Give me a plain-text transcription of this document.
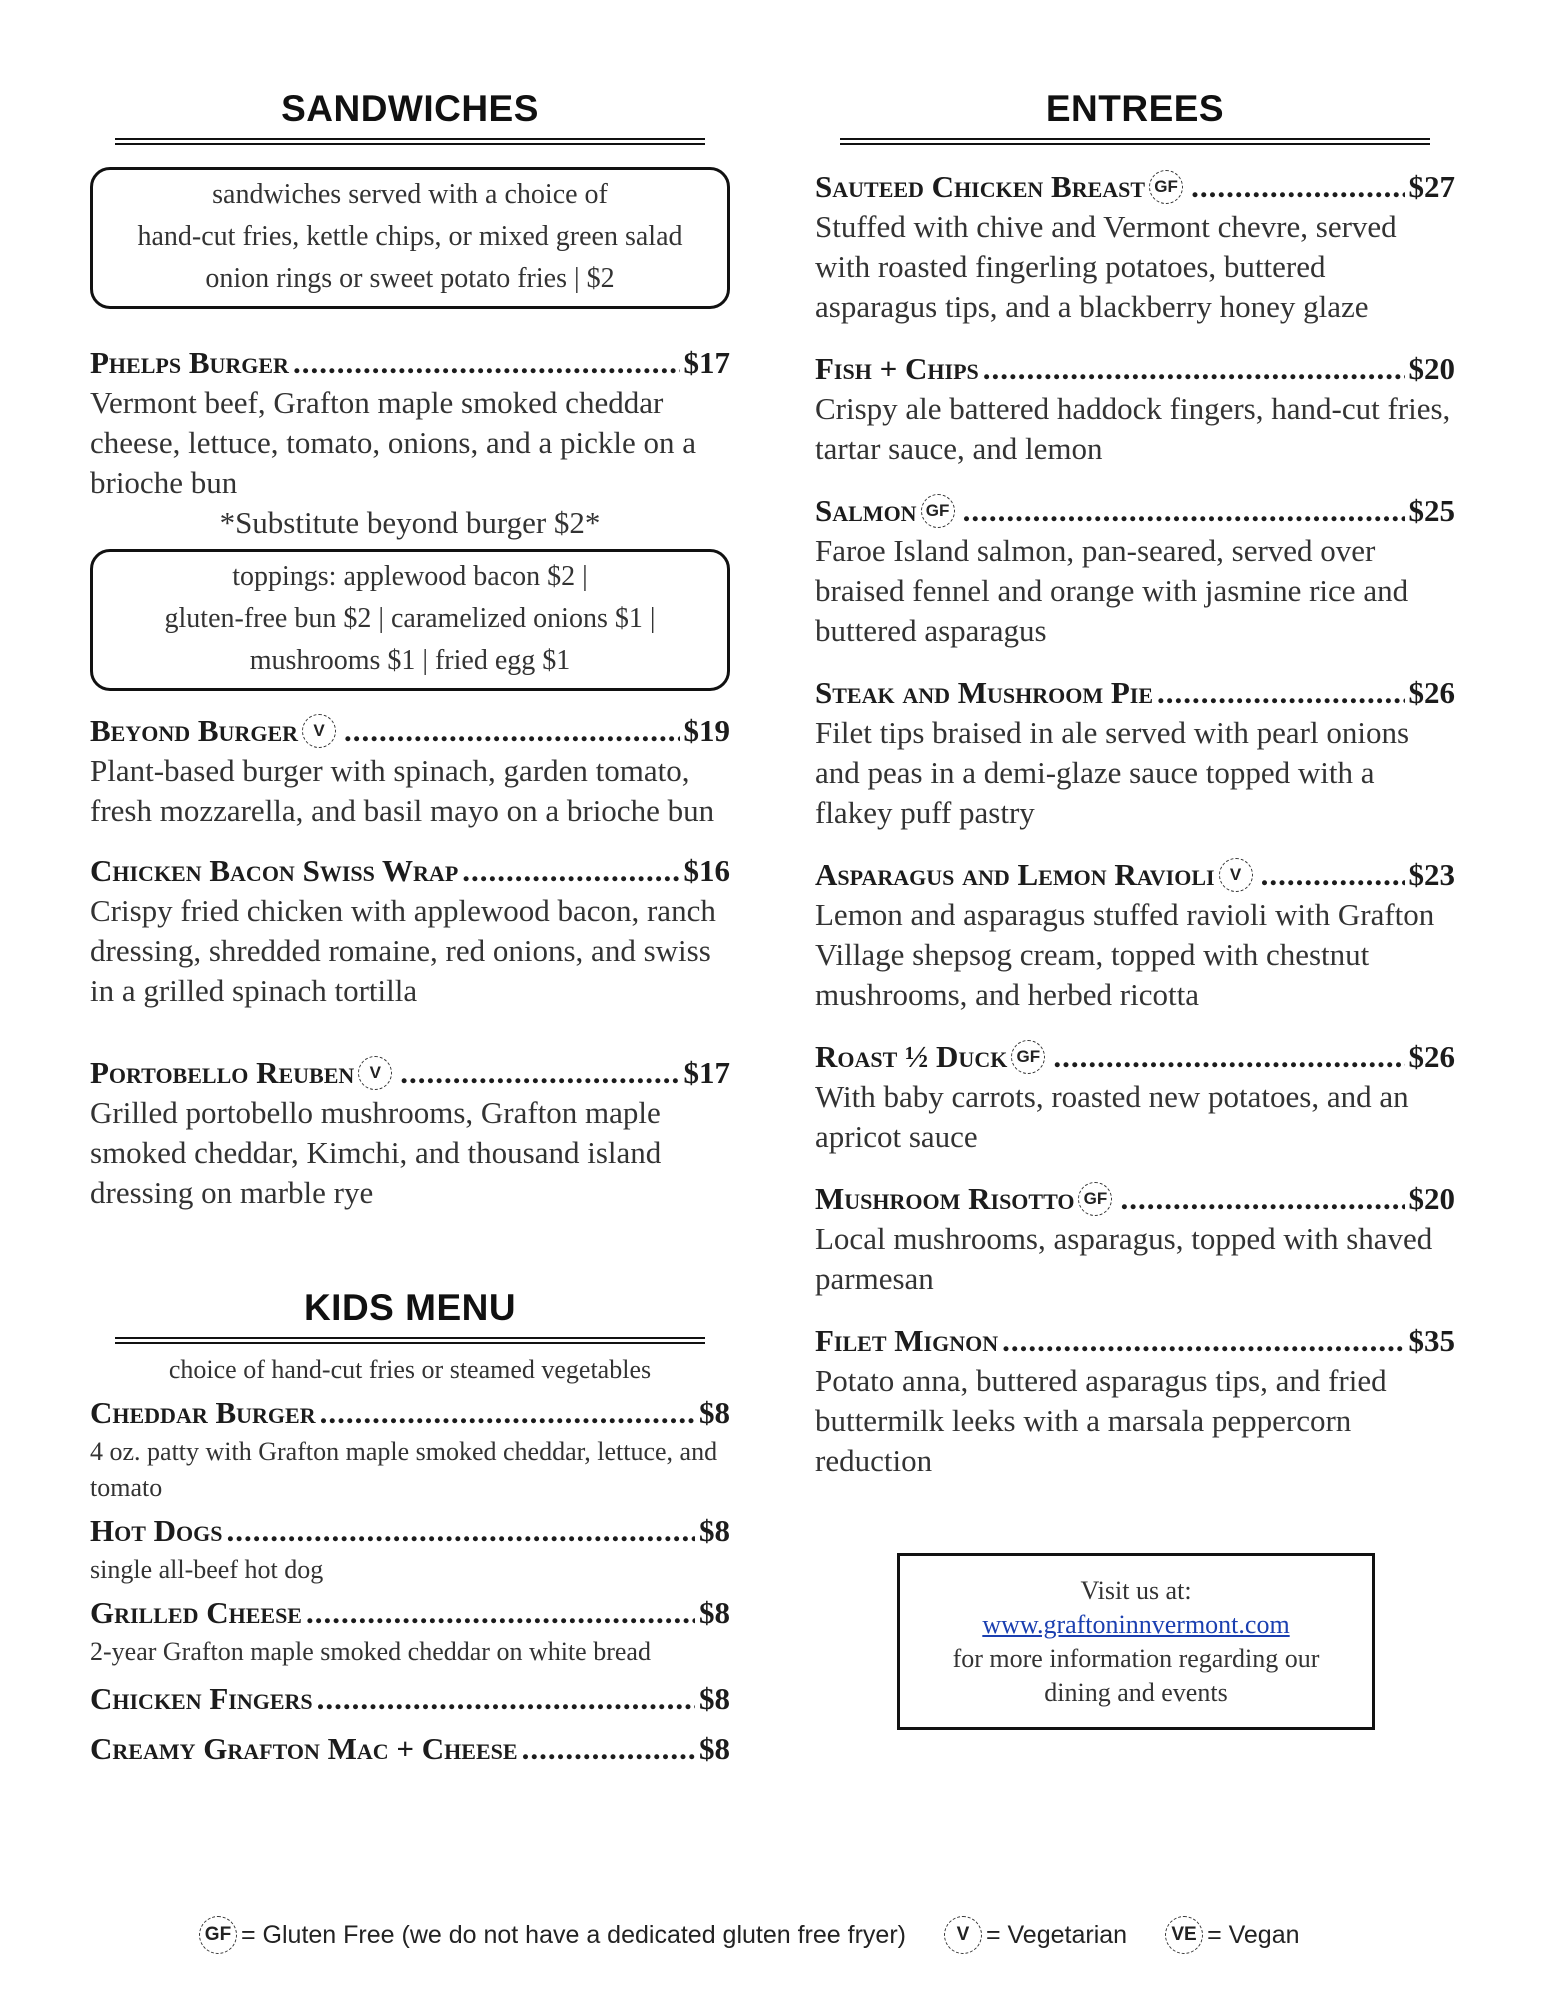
SANDWICHES
sandwiches served with a choice of
hand-cut fries, kettle chips, or mixed green salad
onion rings or sweet potato fries | $2
Phelps Burger .....	$17
Vermont beef, Grafton maple smoked cheddar cheese, lettuce, tomato, onions, and a pickle on a brioche bun
*Substitute beyond burger $2*
toppings: applewood bacon $2 |
gluten-free bun $2 | caramelized onions $1 |
mushrooms $1 | fried egg $1
Beyond Burger V .....	$19
Plant-based burger with spinach, garden tomato, fresh mozzarella, and basil mayo on a brioche bun
Chicken Bacon Swiss Wrap .....	$16
Crispy fried chicken with applewood bacon, ranch dressing, shredded romaine, red onions, and swiss in a grilled spinach tortilla
Portobello Reuben V .....	$17
Grilled portobello mushrooms, Grafton maple smoked cheddar, Kimchi, and thousand island dressing on marble rye
KIDS MENU
choice of hand-cut fries or steamed vegetables
Cheddar Burger .....	$8
4 oz. patty with Grafton maple smoked cheddar, lettuce, and tomato
Hot Dogs .....	$8
single all-beef hot dog
Grilled Cheese .....	$8
2-year Grafton maple smoked cheddar on white bread
Chicken Fingers .....	$8
Creamy Grafton Mac + Cheese .....	$8
ENTREES
Sauteed Chicken Breast GF .....	$27
Stuffed with chive and Vermont chevre, served with roasted fingerling potatoes, buttered asparagus tips, and a blackberry honey glaze
Fish + Chips .....	$20
Crispy ale battered haddock fingers, hand-cut fries, tartar sauce, and lemon
Salmon GF .....	$25
Faroe Island salmon, pan-seared, served over braised fennel and orange with jasmine rice and buttered asparagus
Steak and Mushroom Pie .....	$26
Filet tips braised in ale served with pearl onions and peas in a demi-glaze sauce topped with a flakey puff pastry
Asparagus and Lemon Ravioli V .....	$23
Lemon and asparagus stuffed ravioli with Grafton Village shepsog cream, topped with chestnut mushrooms, and herbed ricotta
Roast ½ Duck GF .....	$26
With baby carrots, roasted new potatoes, and an apricot sauce
Mushroom Risotto GF .....	$20
Local mushrooms, asparagus, topped with shaved parmesan
Filet Mignon .....	$35
Potato anna, buttered asparagus tips, and fried buttermilk leeks with a marsala peppercorn reduction
Visit us at:
www.graftoninnvermont.com
for more information regarding our
dining and events
GF = Gluten Free (we do not have a dedicated gluten free fryer)	V = Vegetarian	VE = Vegan
